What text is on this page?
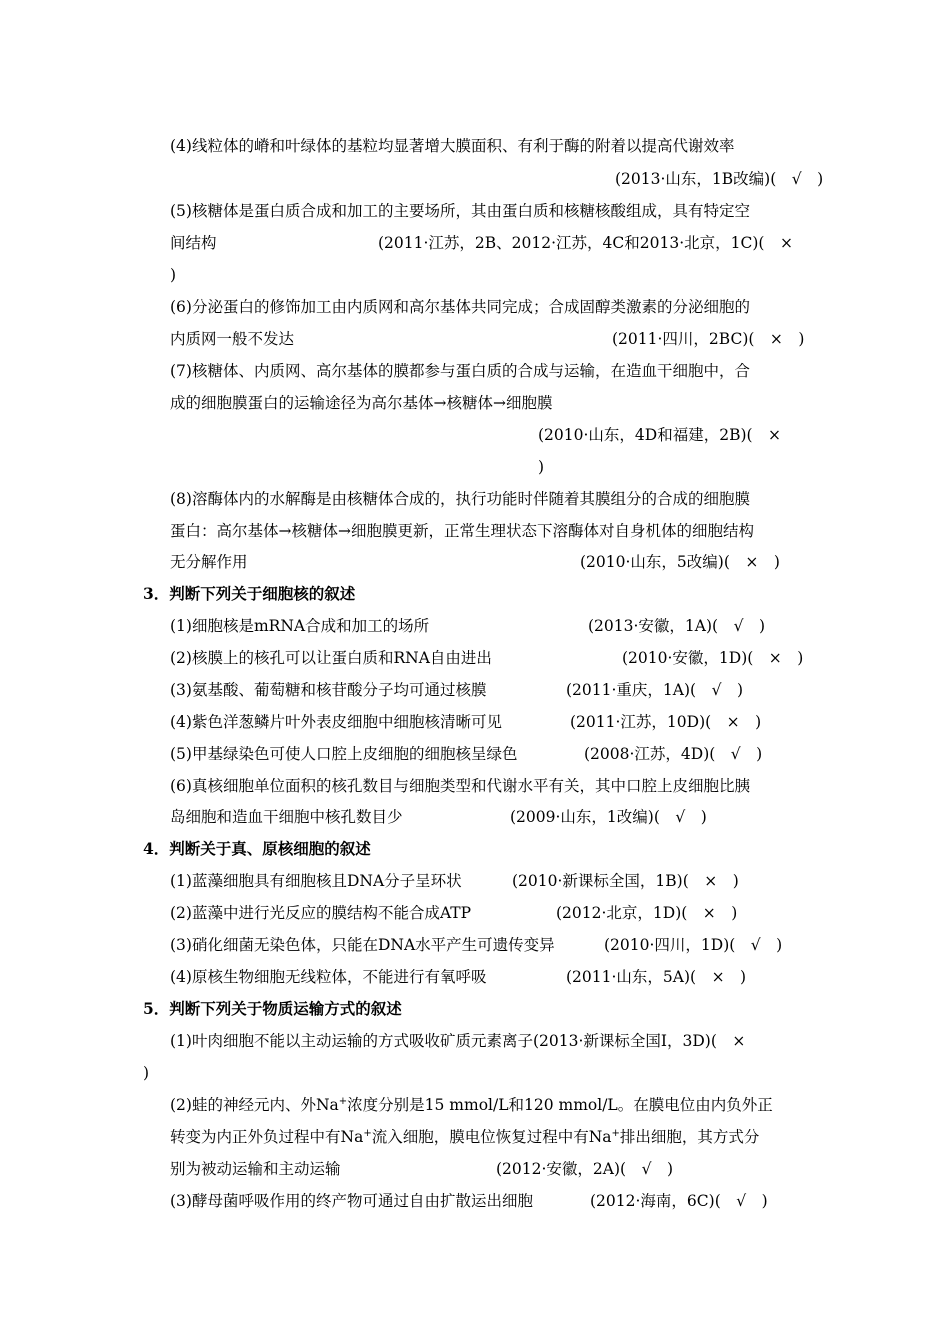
(4)线粒体的嵴和叶绿体的基粒均显著增大膜面积、有利于酶的附着以提高代谢效率
(2013·山东，1B改编)(　√　)
(5)核糖体是蛋白质合成和加工的主要场所，其由蛋白质和核糖核酸组成，具有特定空
间结构	(2011·江苏，2B、2012·江苏，4C和2013·北京，1C)(　×
)
(6)分泌蛋白的修饰加工由内质网和高尔基体共同完成；合成固醇类激素的分泌细胞的
内质网一般不发达	(2011·四川，2BC)(　×　)
(7)核糖体、内质网、高尔基体的膜都参与蛋白质的合成与运输，在造血干细胞中，合
成的细胞膜蛋白的运输途径为高尔基体→核糖体→细胞膜
(2010·山东，4D和福建，2B)(　×
)
(8)溶酶体内的水解酶是由核糖体合成的，执行功能时伴随着其膜组分的合成的细胞膜
蛋白：高尔基体→核糖体→细胞膜更新，正常生理状态下溶酶体对自身机体的细胞结构
无分解作用	(2010·山东，5改编)(　×　)
3．判断下列关于细胞核的叙述
(1)细胞核是mRNA合成和加工的场所	(2013·安徽，1A)(　√　)
(2)核膜上的核孔可以让蛋白质和RNA自由进出	(2010·安徽，1D)(　×　)
(3)氨基酸、葡萄糖和核苷酸分子均可通过核膜	(2011·重庆，1A)(　√　)
(4)紫色洋葱鳞片叶外表皮细胞中细胞核清晰可见	(2011·江苏，10D)(　×　)
(5)甲基绿染色可使人口腔上皮细胞的细胞核呈绿色	(2008·江苏，4D)(　√　)
(6)真核细胞单位面积的核孔数目与细胞类型和代谢水平有关，其中口腔上皮细胞比胰
岛细胞和造血干细胞中核孔数目少	(2009·山东，1改编)(　√　)
4．判断关于真、原核细胞的叙述
(1)蓝藻细胞具有细胞核且DNA分子呈环状	(2010·新课标全国，1B)(　×　)
(2)蓝藻中进行光反应的膜结构不能合成ATP	(2012·北京，1D)(　×　)
(3)硝化细菌无染色体，只能在DNA水平产生可遗传变异	(2010·四川，1D)(　√　)
(4)原核生物细胞无线粒体，不能进行有氧呼吸	(2011·山东，5A)(　×　)
5．判断下列关于物质运输方式的叙述
(1)叶肉细胞不能以主动运输的方式吸收矿质元素离子(2013·新课标全国Ⅰ，3D)(　×
)
(2)蛙的神经元内、外Na+浓度分别是15 mmol/L和120 mmol/L。在膜电位由内负外正
转变为内正外负过程中有Na+流入细胞，膜电位恢复过程中有Na+排出细胞，其方式分
别为被动运输和主动运输	(2012·安徽，2A)(　√　)
(3)酵母菌呼吸作用的终产物可通过自由扩散运出细胞	(2012·海南，6C)(　√　)
